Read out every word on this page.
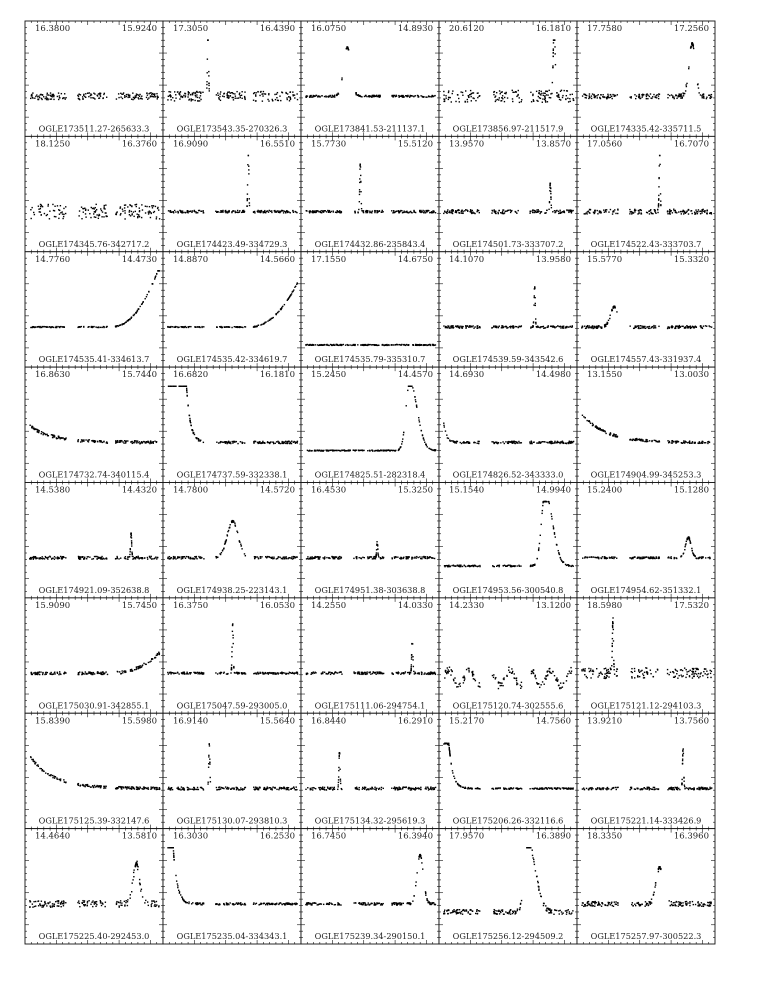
16.3800	15.9240
OGLE173511.27-265633.3
17.3050	16.4390
OGLE173543.35-270326.3
16.0750	14.8930
OGLE173841.53-211137.1
20.6120	16.1810
OGLE173856.97-211517.9
17.7580	17.2560
OGLE174335.42-335711.5
18.1250	16.3760
OGLE174345.76-342717.2
16.9090	16.5510
OGLE174423.49-334729.3
15.7730	15.5120
OGLE174432.86-235843.4
13.9570	13.8570
OGLE174501.73-333707.2
17.0560	16.7070
OGLE174522.43-333703.7
14.7760	14.4730
OGLE174535.41-334613.7
14.8870	14.5660
OGLE174535.42-334619.7
17.1550	14.6750
OGLE174535.79-335310.7
14.1070	13.9580
OGLE174539.59-343542.6
15.5770	15.3320
OGLE174557.43-331937.4
16.8630	15.7440
OGLE174732.74-340115.4
16.6820	16.1810
OGLE174737.59-332338.1
15.2450	14.4570
OGLE174825.51-282318.4
14.6930	14.4980
OGLE174826.52-343333.0
13.1550	13.0030
OGLE174904.99-345253.3
14.5380	14.4320
OGLE174921.09-352638.8
14.7800	14.5720
OGLE174938.25-223143.1
16.4530	15.3250
OGLE174951.38-303638.8
15.1540	14.9940
OGLE174953.56-300540.8
15.2400	15.1280
OGLE174954.62-351332.1
15.9090	15.7450
OGLE175030.91-342855.1
16.3750	16.0530
OGLE175047.59-293005.0
14.2550	14.0330
OGLE175111.06-294754.1
14.2330	13.1200
OGLE175120.74-302555.6
18.5980	17.5320
OGLE175121.12-294103.3
15.8390	15.5980
OGLE175125.39-332147.6
16.9140	15.5640
OGLE175130.07-293810.3
16.8440	16.2910
OGLE175134.32-295619.3
15.2170	14.7560
OGLE175206.26-332116.6
13.9210	13.7560
OGLE175221.14-333426.9
14.4640	13.5810
OGLE175225.40-292453.0
16.3030	16.2530
OGLE175235.04-334343.1
16.7450	16.3940
OGLE175239.34-290150.1
17.9570	16.3890
OGLE175256.12-294509.2
18.3350	16.3960
OGLE175257.97-300522.3
